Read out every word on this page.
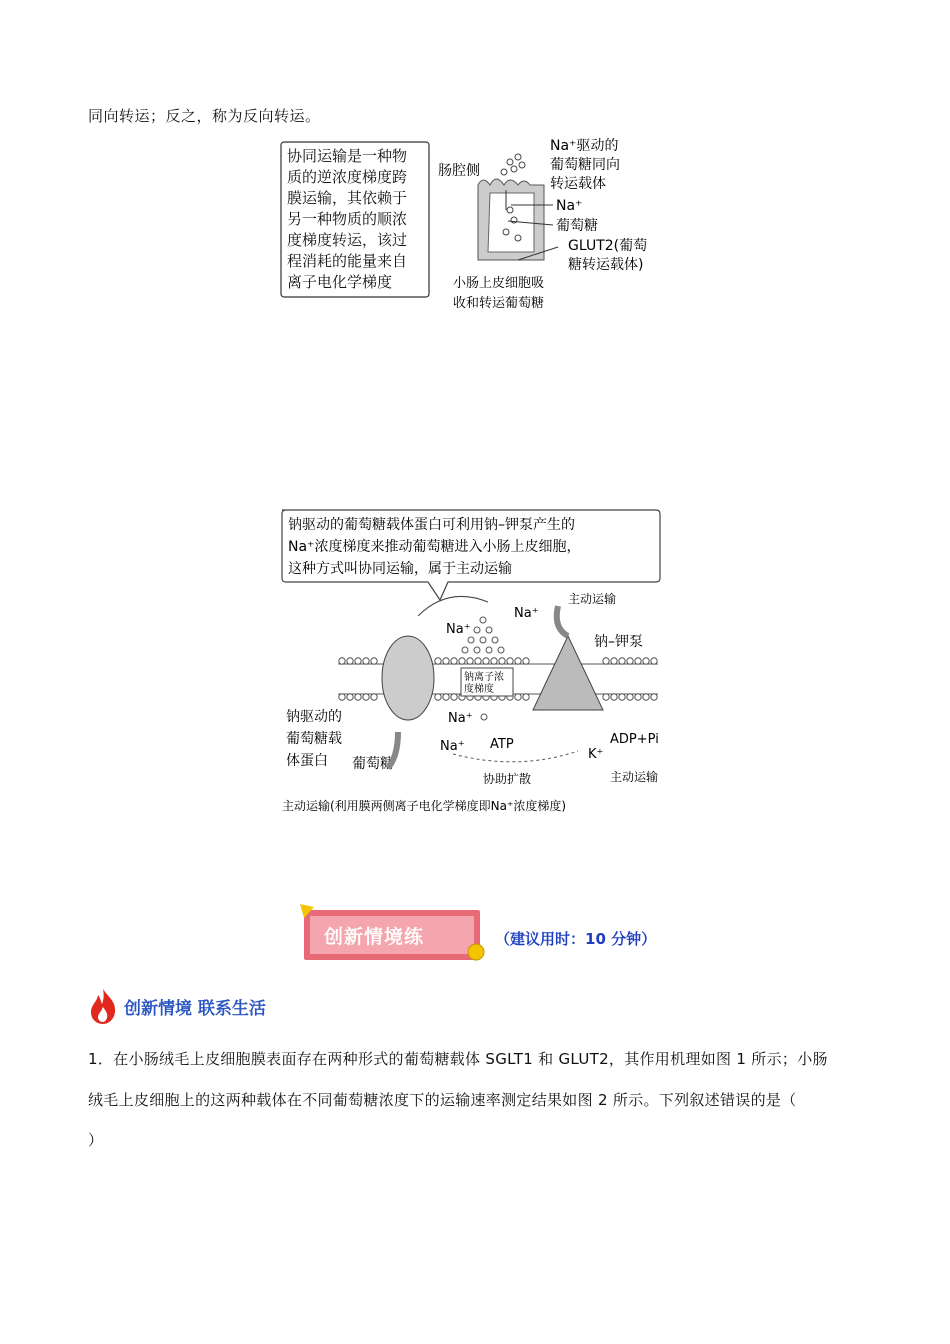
同向转运；反之，称为反向转运。
协同运输是一种物 质的逆浓度梯度跨 膜运输，其依赖于 另一种物质的顺浓 度梯度转运，该过 程消耗的能量来自 离子电化学梯度
肠腔侧
Na⁺驱动的 葡萄糖同向 转运载体
Na⁺
葡萄糖
GLUT2(葡萄 糖转运载体)
小肠上皮细胞吸 收和转运葡萄糖
钠驱动的葡萄糖载体蛋白可利用钠–钾泵产生的 Na⁺浓度梯度来推动葡萄糖进入小肠上皮细胞， 这种方式叫协同运输，属于主动运输
Na⁺
主动运输
钠离子浓 度梯度
Na⁺
钠–钾泵
钠驱动的 葡萄糖载 体蛋白
Na⁺
Na⁺ ATP	ADP+Pi
K⁺
葡萄糖
协助扩散	主动运输
主动运输(利用膜两侧离子电化学梯度即Na⁺浓度梯度)
创新情境练	（建议用时：10 分钟）
创新情境 联系生活
1．在小肠绒毛上皮细胞膜表面存在两种形式的葡萄糖载体 SGLT1 和 GLUT2，其作用机理如图 1 所示；小肠
绒毛上皮细胞上的这两种载体在不同葡萄糖浓度下的运输速率测定结果如图 2 所示。下列叙述错误的是（
）
